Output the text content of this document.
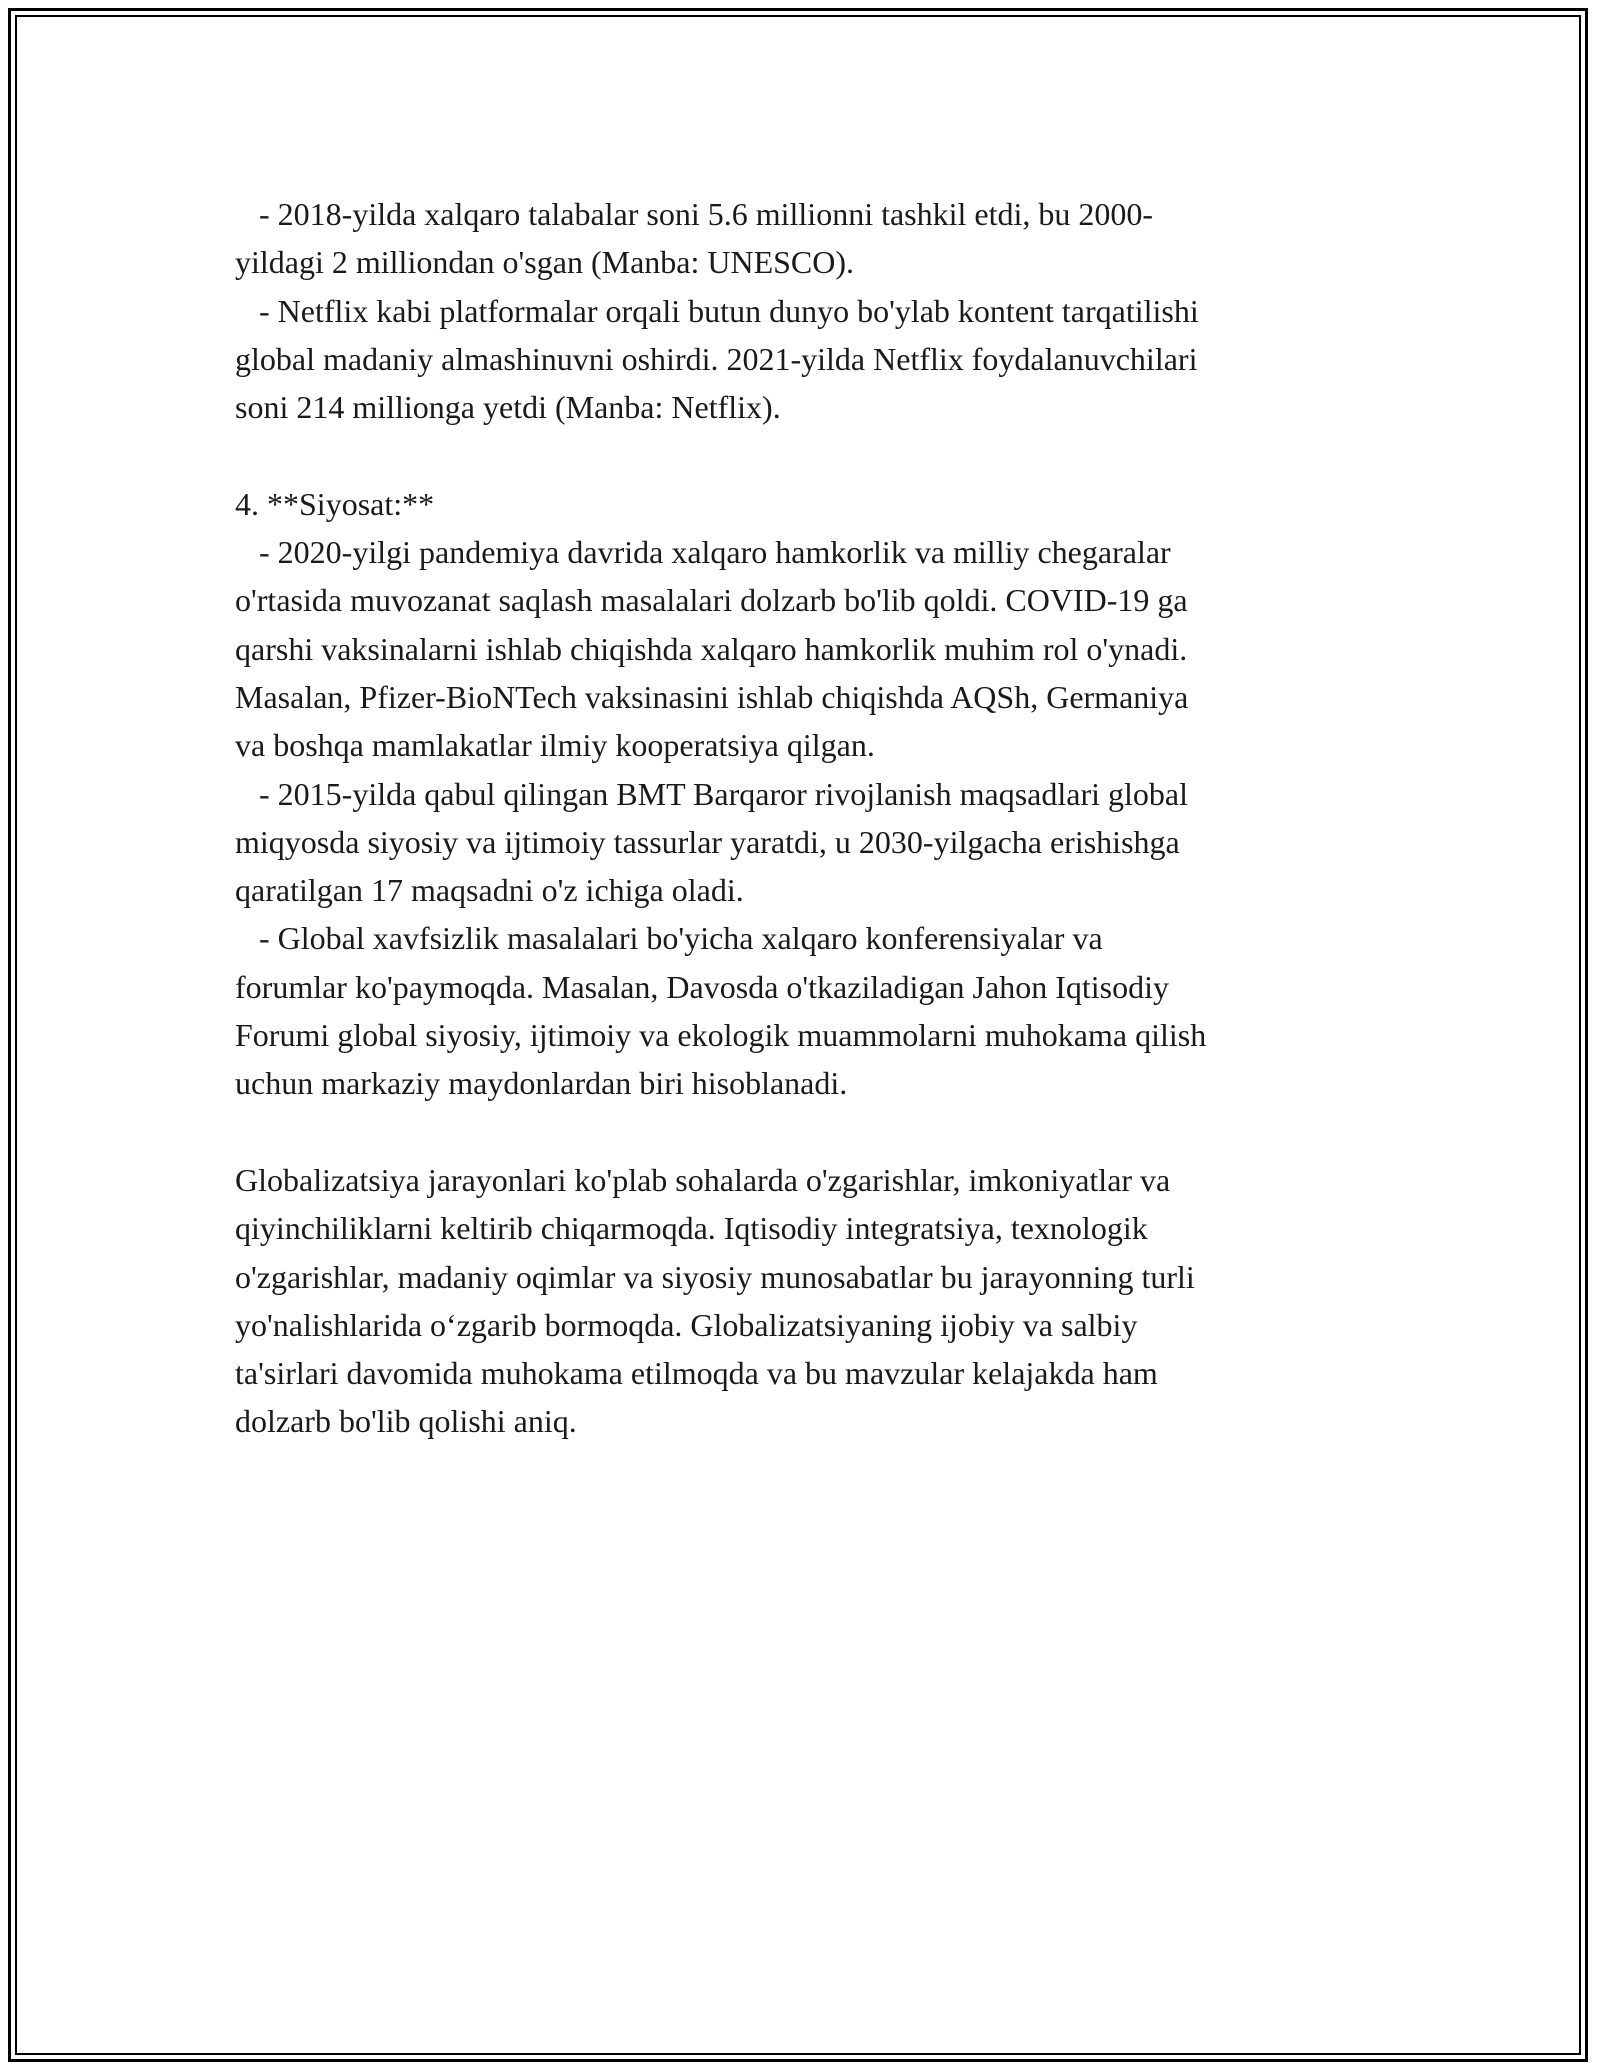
- 2018-yilda xalqaro talabalar soni 5.6 millionni tashkil etdi, bu 2000-
yildagi 2 milliondan o'sgan (Manba: UNESCO).
- Netflix kabi platformalar orqali butun dunyo bo'ylab kontent tarqatilishi
global madaniy almashinuvni oshirdi. 2021-yilda Netflix foydalanuvchilari
soni 214 millionga yetdi (Manba: Netflix).
4. **Siyosat:**
- 2020-yilgi pandemiya davrida xalqaro hamkorlik va milliy chegaralar
o'rtasida muvozanat saqlash masalalari dolzarb bo'lib qoldi. COVID-19 ga
qarshi vaksinalarni ishlab chiqishda xalqaro hamkorlik muhim rol o'ynadi.
Masalan, Pfizer-BioNTech vaksinasini ishlab chiqishda AQSh, Germaniya
va boshqa mamlakatlar ilmiy kooperatsiya qilgan.
- 2015-yilda qabul qilingan BMT Barqaror rivojlanish maqsadlari global
miqyosda siyosiy va ijtimoiy tassurlar yaratdi, u 2030-yilgacha erishishga
qaratilgan 17 maqsadni o'z ichiga oladi.
- Global xavfsizlik masalalari bo'yicha xalqaro konferensiyalar va
forumlar ko'paymoqda. Masalan, Davosda o'tkaziladigan Jahon Iqtisodiy
Forumi global siyosiy, ijtimoiy va ekologik muammolarni muhokama qilish
uchun markaziy maydonlardan biri hisoblanadi.
Globalizatsiya jarayonlari ko'plab sohalarda o'zgarishlar, imkoniyatlar va
qiyinchiliklarni keltirib chiqarmoqda. Iqtisodiy integratsiya, texnologik
o'zgarishlar, madaniy oqimlar va siyosiy munosabatlar bu jarayonning turli
yo'nalishlarida o‘zgarib bormoqda. Globalizatsiyaning ijobiy va salbiy
ta'sirlari davomida muhokama etilmoqda va bu mavzular kelajakda ham
dolzarb bo'lib qolishi aniq.
